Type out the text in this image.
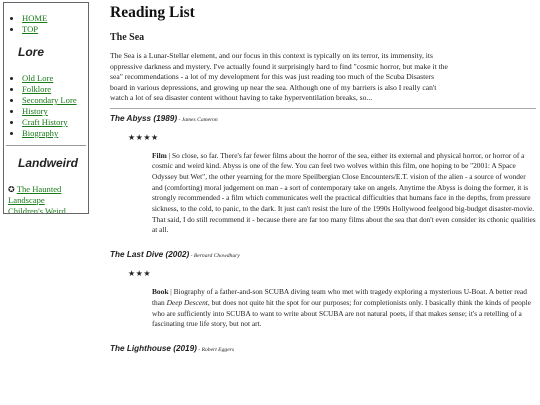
• HOME
• TOP
Lore
• Old Lore
• Folklore
• Secondary Lore
• History
• Craft History
• Biography
Landweird
✪ The Haunted Landscape
Children's Weird
Reading List
The Sea

The Sea is a Lunar-Stellar element, and our focus in this context is typically on its terror, its immensity, its oppressive darkness and mystery. I've actually found it surprisingly hard to find "cosmic horror, but make it the sea" recommendations - a lot of my development for this was just reading too much of the Scuba Disasters board in various depressions, and growing up near the sea. Although one of my barriers is also I really can't watch a lot of sea disaster content without having to take hyperventilation breaks, so...

The Abyss (1989) - James Cameron
★★★★

Film | So close, so far. There's far fewer films about the horror of the sea, either its external and physical horror, or horror of a cosmic and weird kind. Abyss is one of the few. You can feel two wolves within this film, one hoping to be "2001: A Space Odyssey but Wet", the other yearning for the more Speilbergian Close Encounters/E.T. vision of the alien - a source of wonder and (comforting) moral judgement on man - a sort of contemporary take on angels. Anytime the Abyss is doing the former, it is strongly recommended - a film which communicates well the practical difficulties that humans face in the depths, from pressure sickness, to the cold, to panic, to the dark. It just can't resist the lure of the 1990s Hollywood feelgood big-budget disaster-movie. That said, I do still recommend it - because there are far too many films about the sea that don't even consider its cthonic qualities at all.

The Last Dive (2002) - Bernard Chowdhury
★★★

Book | Biography of a father-and-son SCUBA diving team who met with tragedy exploring a mysterious U-Boat. A better read than Deep Descent, but does not quite hit the spot for our purposes; for completionists only. I basically think the kinds of people who are sufficiently into SCUBA to want to write about SCUBA are not natural poets, if that makes sense; it's a retelling of a fascinating true life story, but not art.

The Lighthouse (2019) - Robert Eggers
